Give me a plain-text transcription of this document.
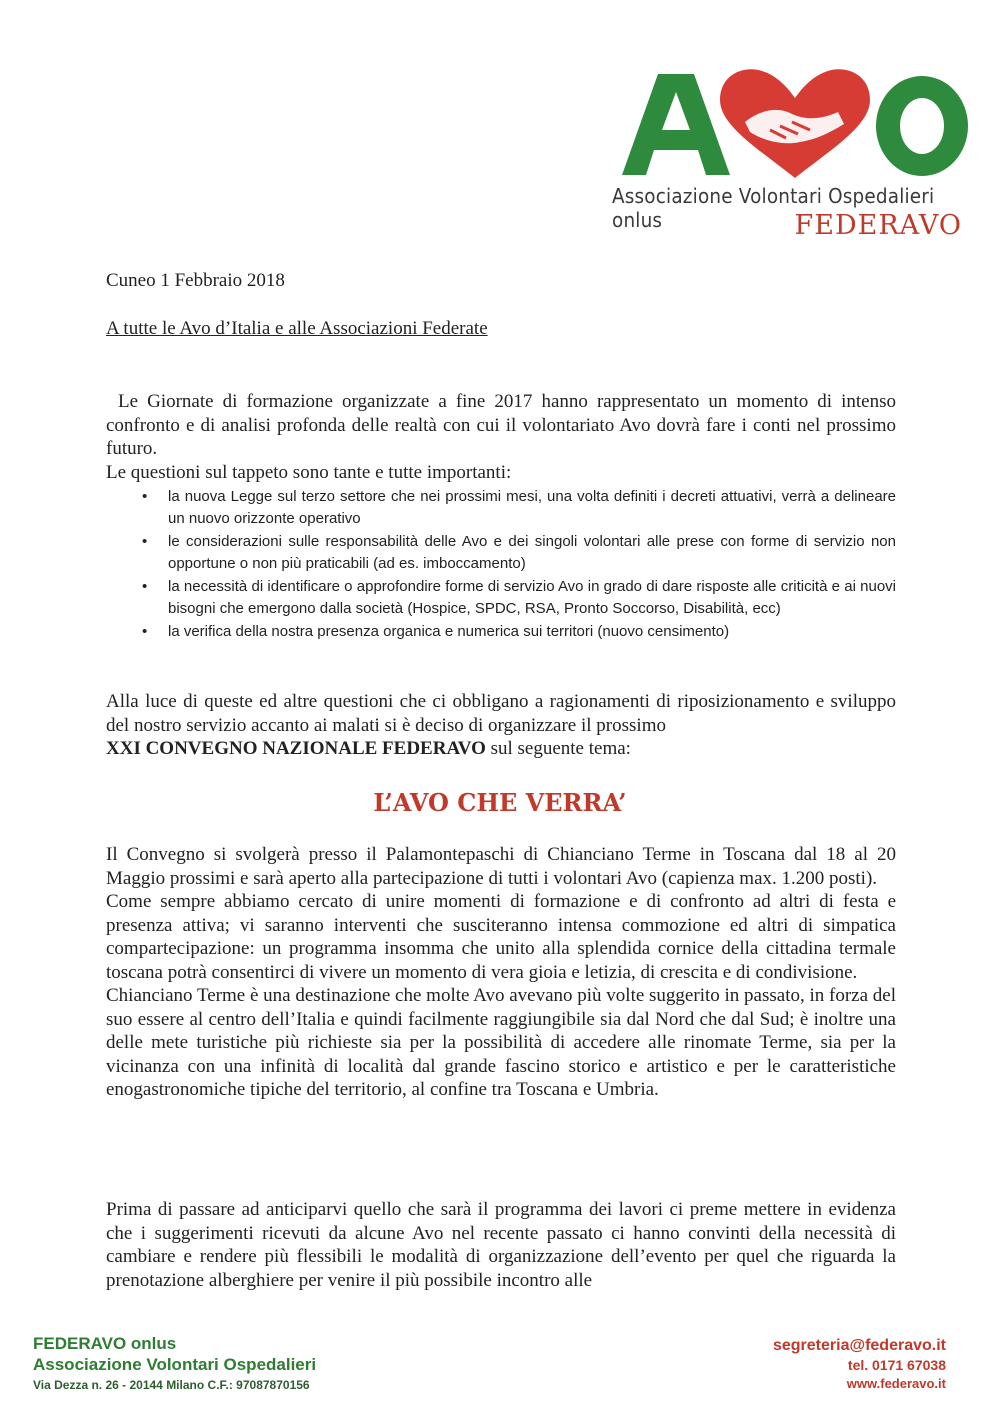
Associazione Volontari Ospedalieri onlus	FEDERAVO
Cuneo 1 Febbraio 2018
A tutte le Avo d’Italia e alle Associazioni Federate
Le Giornate di formazione organizzate a fine 2017 hanno rappresentato un momento di intenso confronto e di analisi profonda delle realtà con cui il volontariato Avo dovrà fare i conti nel prossimo futuro.
Le questioni sul tappeto sono tante e tutte importanti:
• la nuova Legge sul terzo settore che nei prossimi mesi, una volta definiti i decreti attuativi, verrà a delineare un nuovo orizzonte operativo
• le considerazioni sulle responsabilità delle Avo e dei singoli volontari alle prese con forme di servizio non opportune o non più praticabili (ad es. imboccamento)
• la necessità di identificare o approfondire forme di servizio Avo in grado di dare risposte alle criticità e ai nuovi bisogni che emergono dalla società (Hospice, SPDC, RSA, Pronto Soccorso, Disabilità, ecc)
• la verifica della nostra presenza organica e numerica sui territori (nuovo censimento)
Alla luce di queste ed altre questioni che ci obbligano a ragionamenti di riposizionamento e sviluppo del nostro servizio accanto ai malati si è deciso di organizzare il prossimo
XXI CONVEGNO NAZIONALE FEDERAVO sul seguente tema:
L’AVO CHE VERRA’

Il Convegno si svolgerà presso il Palamontepaschi di Chianciano Terme in Toscana dal 18 al 20 Maggio prossimi e sarà aperto alla partecipazione di tutti i volontari Avo (capienza max. 1.200 posti).

Come sempre abbiamo cercato di unire momenti di formazione e di confronto ad altri di festa e presenza attiva; vi saranno interventi che susciteranno intensa commozione ed altri di simpatica compartecipazione: un programma insomma che unito alla splendida cornice della cittadina termale toscana potrà consentirci di vivere un momento di vera gioia e letizia, di crescita e di condivisione.

Chianciano Terme è una destinazione che molte Avo avevano più volte suggerito in passato, in forza del suo essere al centro dell’Italia e quindi facilmente raggiungibile sia dal Nord che dal Sud; è inoltre una delle mete turistiche più richieste sia per la possibilità di accedere alle rinomate Terme, sia per la vicinanza con una infinità di località dal grande fascino storico e artistico e per le caratteristiche enogastronomiche tipiche del territorio, al confine tra Toscana e Umbria.

Prima di passare ad anticiparvi quello che sarà il programma dei lavori ci preme mettere in evidenza che i suggerimenti ricevuti da alcune Avo nel recente passato ci hanno convinti della necessità di cambiare e rendere più flessibili le modalità di organizzazione dell’evento per quel che riguarda la prenotazione alberghiere per venire il più possibile incontro alle

FEDERAVO onlus
Associazione Volontari Ospedalieri
Via Dezza n. 26 - 20144 Milano C.F.: 97087870156
segreteria@federavo.it
tel. 0171 67038
www.federavo.it
